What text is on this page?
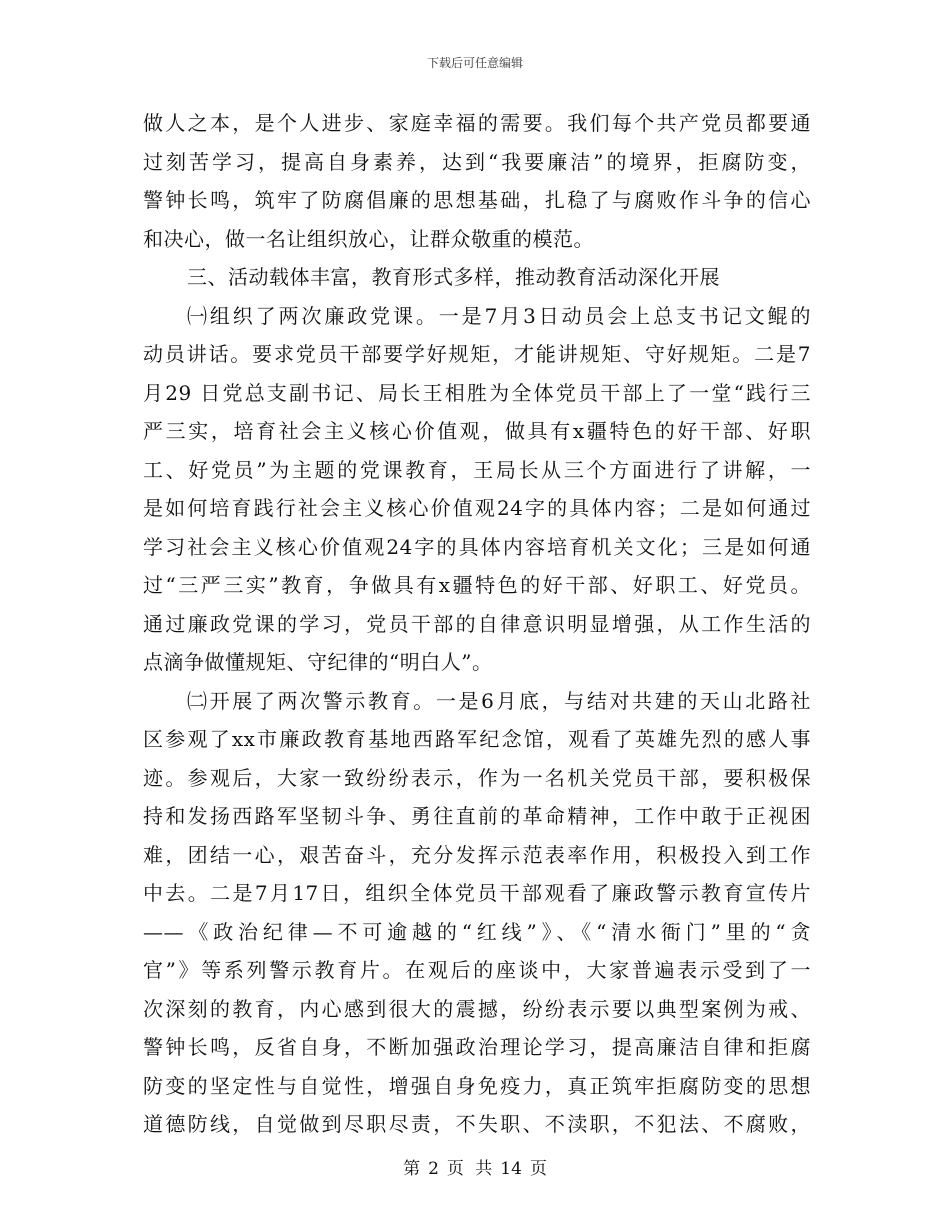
下载后可任意编辑
做人之本，是个人进步、家庭幸福的需要。我们每个共产党员都要通
过刻苦学习，提高自身素养，达到“我要廉洁”的境界，拒腐防变，
警钟长鸣，筑牢了防腐倡廉的思想基础，扎稳了与腐败作斗争的信心
和决心，做一名让组织放心，让群众敬重的模范。
三、活动载体丰富，教育形式多样，推动教育活动深化开展
㈠组织了两次廉政党课。一是7月3日动员会上总支书记文鲲的
动员讲话。要求党员干部要学好规矩，才能讲规矩、守好规矩。二是7
月29 日党总支副书记、局长王相胜为全体党员干部上了一堂“践行三
严三实，培育社会主义核心价值观，做具有x疆特色的好干部、好职
工、好党员”为主题的党课教育，王局长从三个方面进行了讲解，一
是如何培育践行社会主义核心价值观24字的具体内容；二是如何通过
学习社会主义核心价值观24字的具体内容培育机关文化；三是如何通
过“三严三实”教育，争做具有x疆特色的好干部、好职工、好党员。
通过廉政党课的学习，党员干部的自律意识明显增强，从工作生活的
点滴争做懂规矩、守纪律的“明白人”。
㈡开展了两次警示教育。一是6月底，与结对共建的天山北路社
区参观了xx市廉政教育基地西路军纪念馆，观看了英雄先烈的感人事
迹。参观后，大家一致纷纷表示，作为一名机关党员干部，要积极保
持和发扬西路军坚韧斗争、勇往直前的革命精神，工作中敢于正视困
难，团结一心，艰苦奋斗，充分发挥示范表率作用，积极投入到工作
中去。二是7月17日，组织全体党员干部观看了廉政警示教育宣传片
——《政治纪律—不可逾越的“红线”》、《“清水衙门”里的“贪
官”》等系列警示教育片。在观后的座谈中，大家普遍表示受到了一
次深刻的教育，内心感到很大的震撼，纷纷表示要以典型案例为戒、
警钟长鸣，反省自身，不断加强政治理论学习，提高廉洁自律和拒腐
防变的坚定性与自觉性，增强自身免疫力，真正筑牢拒腐防变的思想
道德防线，自觉做到尽职尽责，不失职、不渎职，不犯法、不腐败，
第 2 页 共 14 页
